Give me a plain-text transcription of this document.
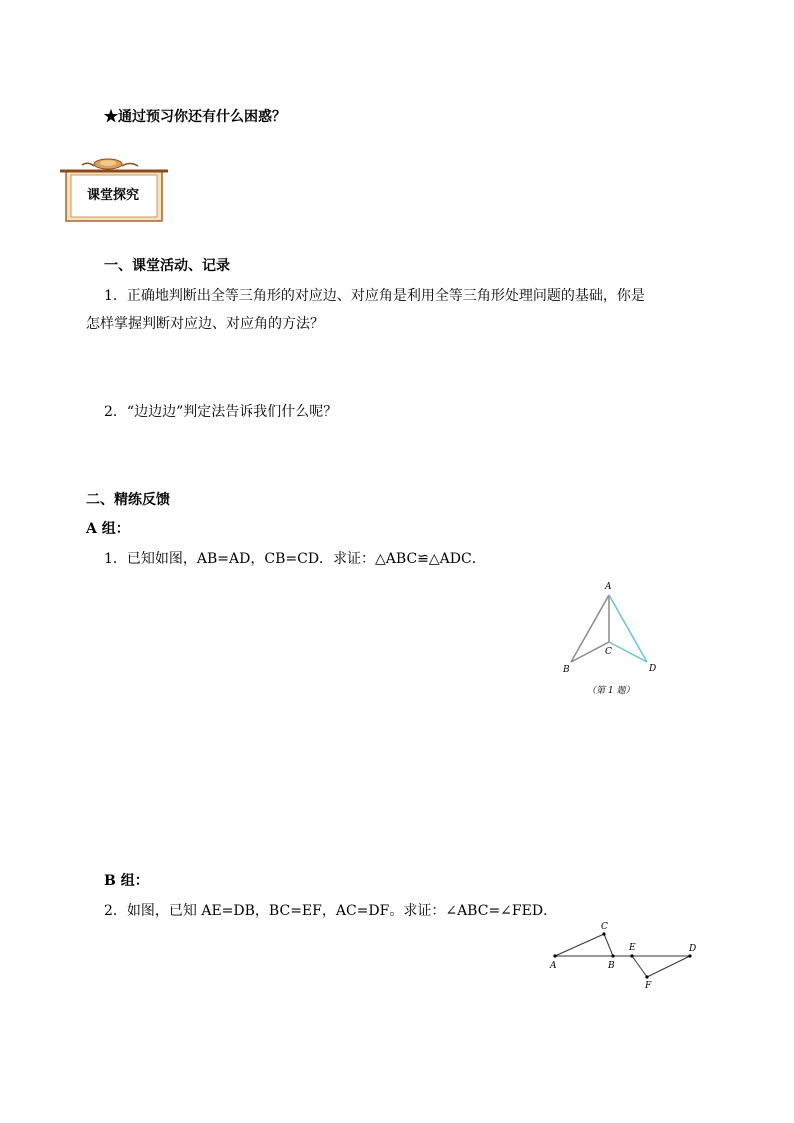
★通过预习你还有什么困惑？
课堂探究
一、课堂活动、记录
1．正确地判断出全等三角形的对应边、对应角是利用全等三角形处理问题的基础，你是
怎样掌握判断对应边、对应角的方法？
2．“边边边”判定法告诉我们什么呢？
二、精练反馈
A 组：
1．已知如图，AB=AD，CB=CD．求证：△ABC≌△ADC．
A
B
C
D
（第 1 题）
B 组：
2．如图，已知 AE=DB，BC=EF，AC=DF。求证：∠ABC=∠FED．
A
C
B
E	D
F
